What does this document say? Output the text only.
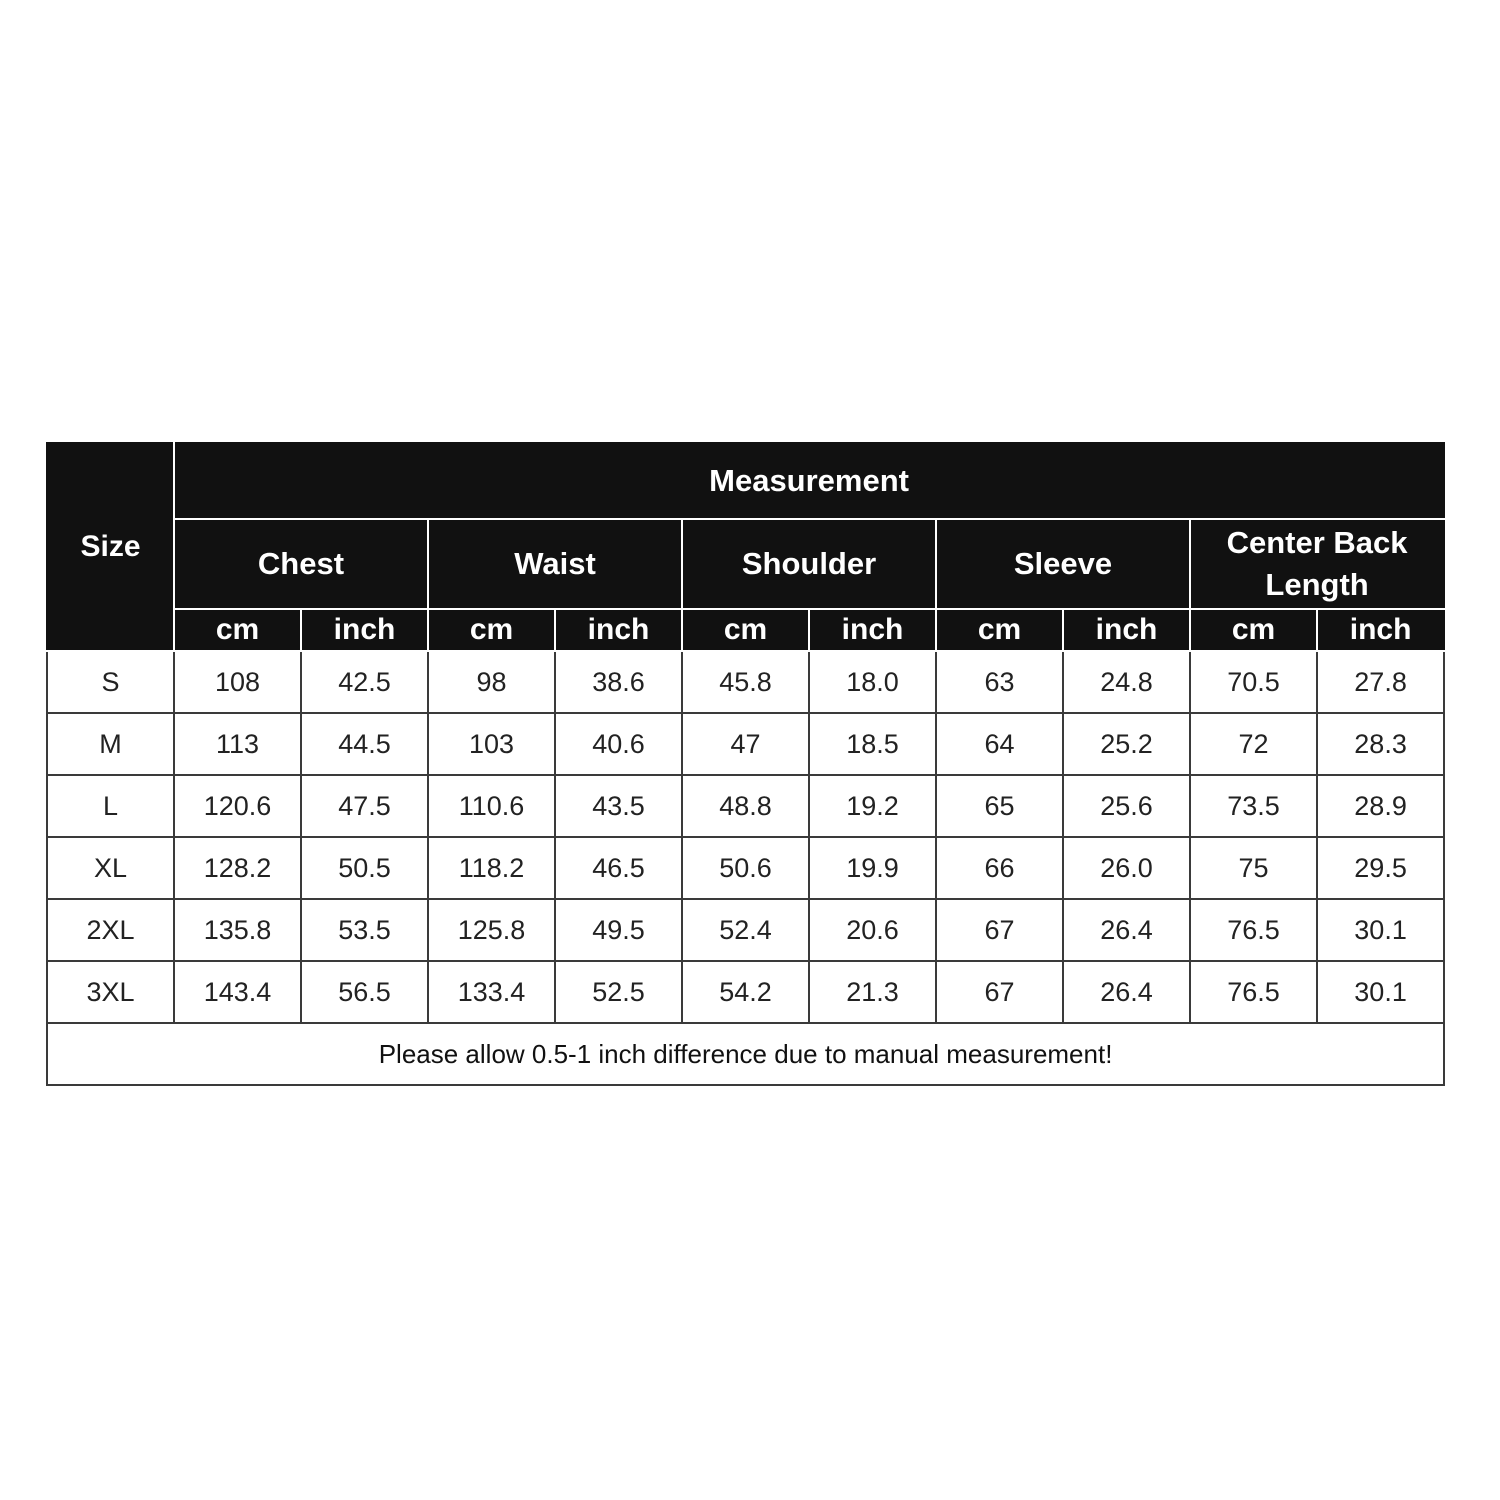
Size	Measurement									
	Chest		Waist		Shoulder		Sleeve		Center Back Length	
	cm	inch	cm	inch	cm	inch	cm	inch	cm	inch
S	108	42.5	98	38.6	45.8	18.0	63	24.8	70.5	27.8
M	113	44.5	103	40.6	47	18.5	64	25.2	72	28.3
L	120.6	47.5	110.6	43.5	48.8	19.2	65	25.6	73.5	28.9
XL	128.2	50.5	118.2	46.5	50.6	19.9	66	26.0	75	29.5
2XL	135.8	53.5	125.8	49.5	52.4	20.6	67	26.4	76.5	30.1
3XL	143.4	56.5	133.4	52.5	54.2	21.3	67	26.4	76.5	30.1
Please allow 0.5-1 inch difference due to manual measurement!										
